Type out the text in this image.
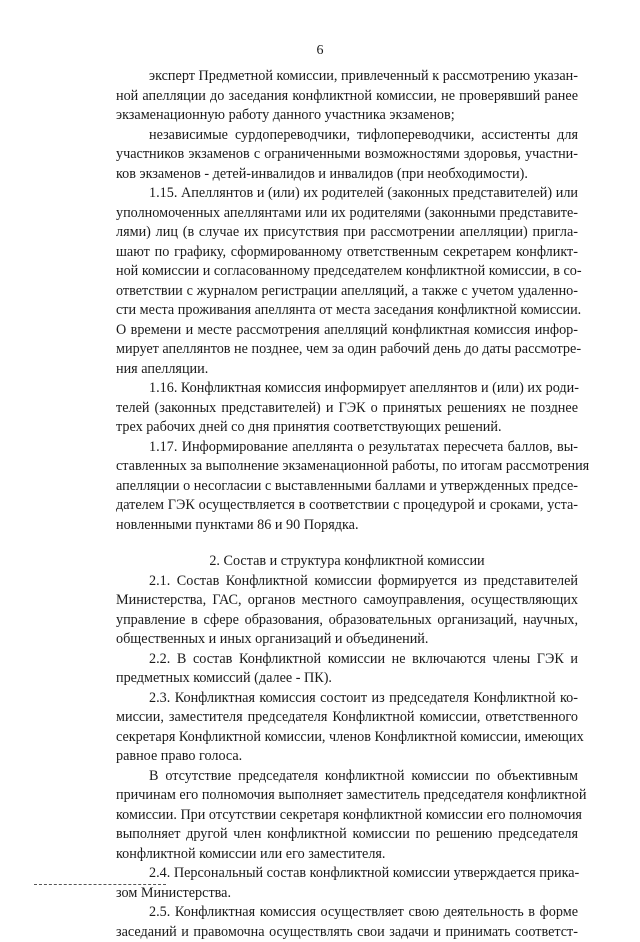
6
эксперт Предметной комиссии, привлеченный к рассмотрению указан-
ной апелляции до заседания конфликтной комиссии, не проверявший ранее
экзаменационную работу данного участника экзаменов;
независимые сурдопереводчики, тифлопереводчики, ассистенты для
участников экзаменов с ограниченными возможностями здоровья, участни-
ков экзаменов - детей-инвалидов и инвалидов (при необходимости).
1.15. Апеллянтов и (или) их родителей (законных представителей) или
уполномоченных апеллянтами или их родителями (законными представите-
лями) лиц (в случае их присутствия при рассмотрении апелляции) пригла-
шают по графику, сформированному ответственным секретарем конфликт-
ной комиссии и согласованному председателем конфликтной комиссии, в со-
ответствии с журналом регистрации апелляций, а также с учетом удаленно-
сти места проживания апеллянта от места заседания конфликтной комиссии.
О времени и месте рассмотрения апелляций конфликтная комиссия инфор-
мирует апеллянтов не позднее, чем за один рабочий день до даты рассмотре-
ния апелляции.
1.16. Конфликтная комиссия информирует апеллянтов и (или) их роди-
телей (законных представителей) и ГЭК о принятых решениях не позднее
трех рабочих дней со дня принятия соответствующих решений.
1.17. Информирование апеллянта о результатах пересчета баллов, вы-
ставленных за выполнение экзаменационной работы, по итогам рассмотрения
апелляции о несогласии с выставленными баллами и утвержденных предсе-
дателем ГЭК осуществляется в соответствии с процедурой и сроками, уста-
новленными пунктами 86 и 90 Порядка.
2. Состав и структура конфликтной комиссии
2.1. Состав Конфликтной комиссии формируется из представителей
Министерства, ГАС, органов местного самоуправления, осуществляющих
управление в сфере образования, образовательных организаций, научных,
общественных и иных организаций и объединений.
2.2. В состав Конфликтной комиссии не включаются члены ГЭК и
предметных комиссий (далее - ПК).
2.3. Конфликтная комиссия состоит из председателя Конфликтной ко-
миссии, заместителя председателя Конфликтной комиссии, ответственного
секретаря Конфликтной комиссии, членов Конфликтной комиссии, имеющих
равное право голоса.
В отсутствие председателя конфликтной комиссии по объективным
причинам его полномочия выполняет заместитель председателя конфликтной
комиссии. При отсутствии секретаря конфликтной комиссии его полномочия
выполняет другой член конфликтной комиссии по решению председателя
конфликтной комиссии или его заместителя.
2.4. Персональный состав конфликтной комиссии утверждается прика-
зом Министерства.
2.5. Конфликтная комиссия осуществляет свою деятельность в форме
заседаний и правомочна осуществлять свои задачи и принимать соответст-
